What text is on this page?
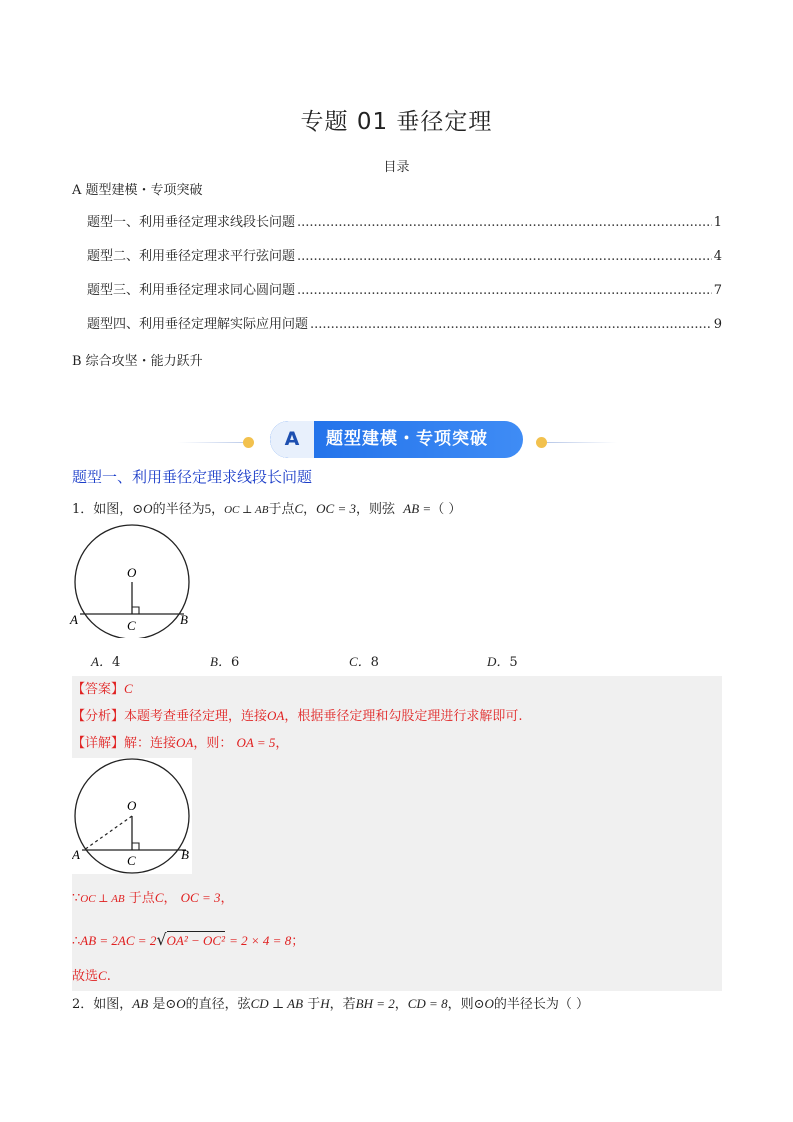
专题 01 垂径定理
目录
A 题型建模・专项突破
题型一、利用垂径定理求线段长问题 .....	1
题型二、利用垂径定理求平行弦问题 .....	4
题型三、利用垂径定理求同心圆问题 .....	7
题型四、利用垂径定理解实际应用问题 .....	9
B 综合攻坚・能力跃升
A	题型建模・专项突破
题型一、利用垂径定理求线段长问题
1．如图，⊙O的半径为5，OC ⊥ AB于点C，OC = 3，则弦 AB =（ ）
O
A	B
C
A．4	B．6	C．8	D．5
【答案】C
【分析】本题考查垂径定理，连接OA，根据垂径定理和勾股定理进行求解即可.
【详解】解：连接OA，则： OA = 5，
O
A	B
C
∵OC ⊥ AB 于点C， OC = 3，
∴AB = 2AC = 2√OA² − OC² = 2 × 4 = 8；
故选C.
2．如图，AB 是⊙O的直径，弦CD ⊥ AB 于H，若BH = 2，CD = 8，则⊙O的半径长为（ ）
